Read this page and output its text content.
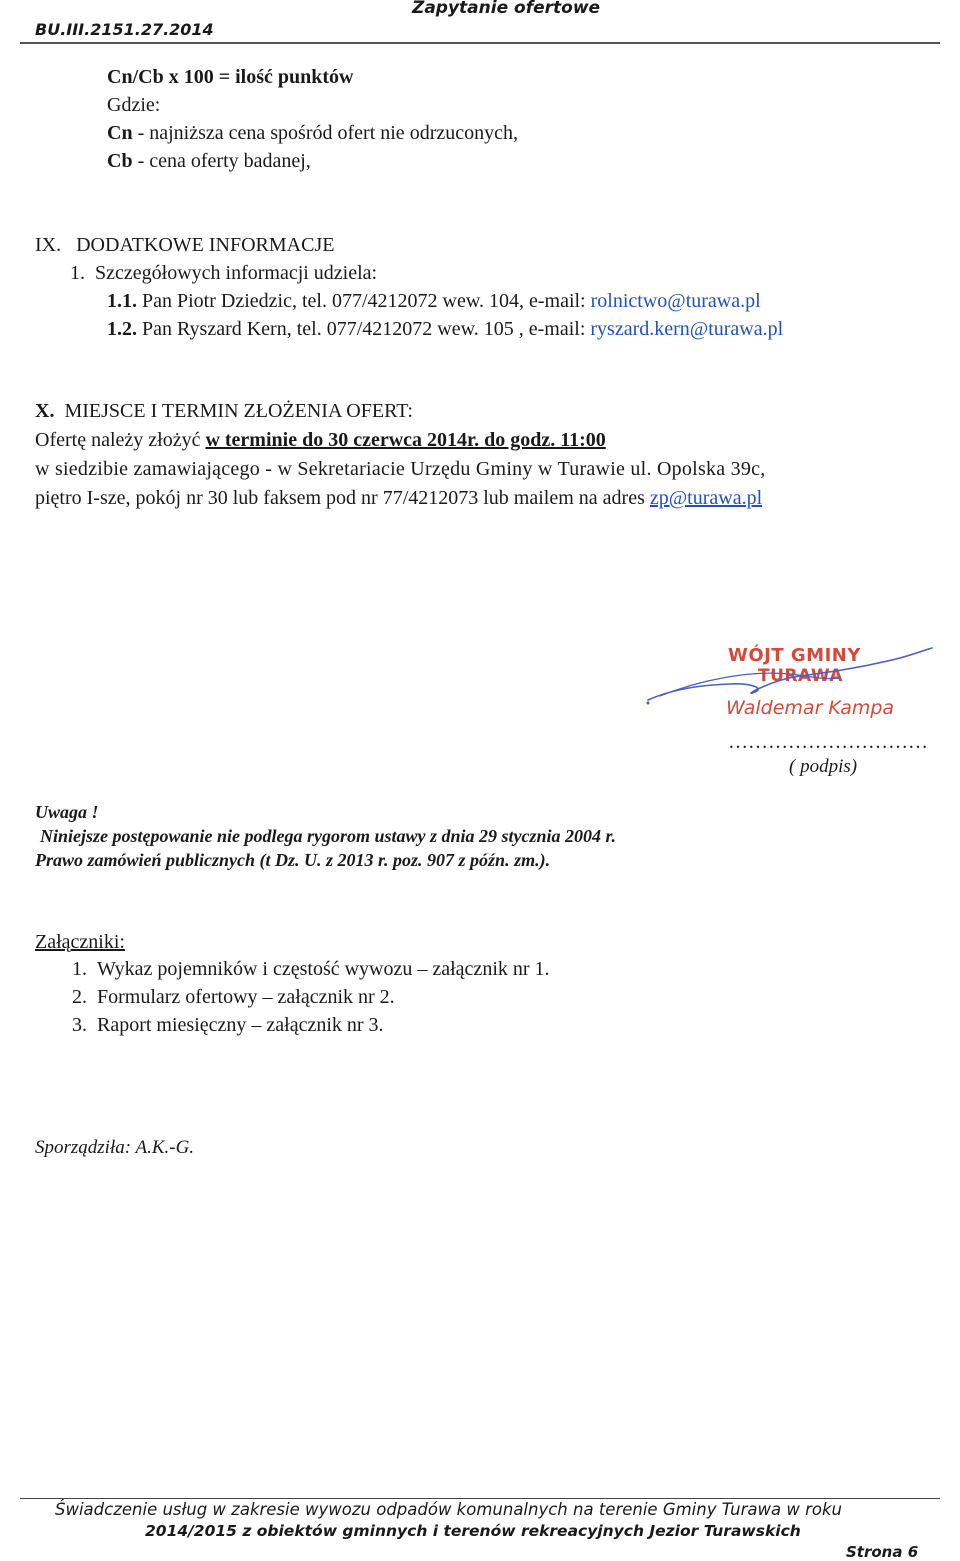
BU.III.2151.27.2014
Zapytanie ofertowe
Cn/Cb x 100 = ilość punktów
Gdzie:
Cn - najniższa cena spośród ofert nie odrzuconych,
Cb - cena oferty badanej,
IX. DODATKOWE INFORMACJE
1. Szczegółowych informacji udziela:
1.1. Pan Piotr Dziedzic, tel. 077/4212072 wew. 104, e-mail: rolnictwo@turawa.pl
1.2. Pan Ryszard Kern, tel. 077/4212072 wew. 105 , e-mail: ryszard.kern@turawa.pl
X. MIEJSCE I TERMIN ZŁOŻENIA OFERT:
Ofertę należy złożyć w terminie do 30 czerwca 2014r. do godz. 11:00
w siedzibie zamawiającego - w Sekretariacie Urzędu Gminy w Turawie ul. Opolska 39c,
piętro I-sze, pokój nr 30 lub faksem pod nr 77/4212073 lub mailem na adres zp@turawa.pl
WÓJT GMINY
TURAWA
Waldemar Kampa
…………………………
( podpis)
Uwaga !
Niniejsze postępowanie nie podlega rygorom ustawy z dnia 29 stycznia 2004 r.
Prawo zamówień publicznych (t Dz. U. z 2013 r. poz. 907 z późn. zm.).
Załączniki:
1. Wykaz pojemników i częstość wywozu – załącznik nr 1.
2. Formularz ofertowy – załącznik nr 2.
3. Raport miesięczny – załącznik nr 3.
Sporządziła: A.K.-G.
Świadczenie usług w zakresie wywozu odpadów komunalnych na terenie Gminy Turawa w roku
2014/2015 z obiektów gminnych i terenów rekreacyjnych Jezior Turawskich
Strona 6
